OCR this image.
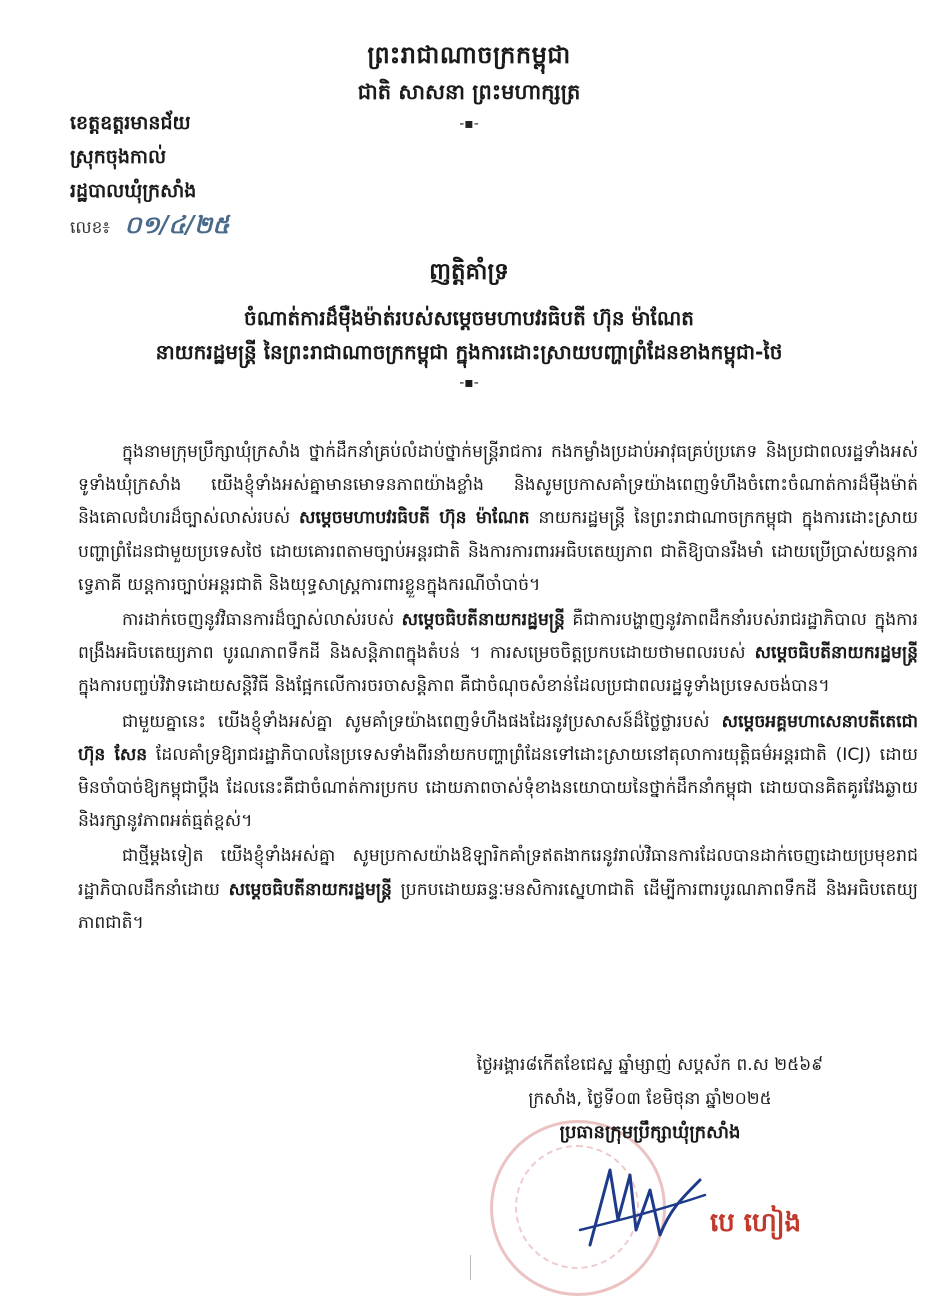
ព្រះរាជាណាចក្រកម្ពុជា
ជាតិ សាសនា ព្រះមហាក្សត្រ
-▪-
ខេត្តឧត្តរមានជ័យ
ស្រុកចុងកាល់
រដ្ឋបាលឃុំក្រសាំង
លេខ៖ ០១/៤/២៥
ញត្តិគាំទ្រ
ចំណាត់ការដ៏ម៉ឺងម៉ាត់របស់សម្តេចមហាបវរធិបតី ហ៊ុន ម៉ាណែត
នាយករដ្ឋមន្ត្រី នៃព្រះរាជាណាចក្រកម្ពុជា ក្នុងការដោះស្រាយបញ្ហាព្រំដែនខាងកម្ពុជា-ថៃ
-▪-

ក្នុងនាមក្រុមប្រឹក្សាឃុំក្រសាំង ថ្នាក់ដឹកនាំគ្រប់លំដាប់ថ្នាក់មន្ត្រីរាជការ កងកម្លាំងប្រដាប់អាវុធគ្រប់ប្រភេទ និងប្រជាពលរដ្ឋទាំងអស់ទូទាំងឃុំក្រសាំង យើងខ្ញុំទាំងអស់គ្នាមានមោទនភាពយ៉ាងខ្លាំង និងសូមប្រកាសគាំទ្រយ៉ាងពេញទំហឹងចំពោះចំណាត់ការដ៏ម៉ឺងម៉ាត់ និងគោលជំហរដ៏ច្បាស់លាស់របស់ សម្តេចមហាបវរធិបតី ហ៊ុន ម៉ាណែត នាយករដ្ឋមន្ត្រី នៃព្រះរាជាណាចក្រកម្ពុជា ក្នុងការដោះស្រាយបញ្ហាព្រំដែនជាមួយប្រទេសថៃ ដោយគោរពតាមច្បាប់អន្តរជាតិ និងការការពារអធិបតេយ្យភាព ជាតិឱ្យបានរឹងមាំ ដោយប្រើប្រាស់យន្តការទ្វេភាគី យន្តការច្បាប់អន្តរជាតិ និងយុទ្ធសាស្ត្រការពារខ្លួនក្នុងករណីចាំបាច់។

ការដាក់ចេញនូវវិធានការដ៏ច្បាស់លាស់របស់ សម្តេចធិបតីនាយករដ្ឋមន្ត្រី គឺជាការបង្ហាញនូវភាពដឹកនាំរបស់រាជរដ្ឋាភិបាល ក្នុងការពង្រឹងអធិបតេយ្យភាព បូរណភាពទឹកដី និងសន្តិភាពក្នុងតំបន់ ។ ការសម្រេចចិត្តប្រកបដោយថាមពលរបស់ សម្តេចធិបតីនាយករដ្ឋមន្ត្រី ក្នុងការបញ្ចប់វិវាទដោយសន្តិវិធី និងផ្អែកលើការចរចាសន្តិភាព គឺជាចំណុចសំខាន់ដែលប្រជាពលរដ្ឋទូទាំងប្រទេសចង់បាន។

ជាមួយគ្នានេះ យើងខ្ញុំទាំងអស់គ្នា សូមគាំទ្រយ៉ាងពេញទំហឹងផងដែរនូវប្រសាសន៍ដ៏ថ្លៃថ្លារបស់ សម្តេចអគ្គមហាសេនាបតីតេជោ ហ៊ុន សែន ដែលគាំទ្រឱ្យរាជរដ្ឋាភិបាលនៃប្រទេសទាំងពីរនាំយកបញ្ហាព្រំដែនទៅដោះស្រាយនៅតុលាការយុត្តិធម៌អន្តរជាតិ (ICJ) ដោយមិនចាំបាច់ឱ្យកម្ពុជាប្តឹង ដែលនេះគឺជាចំណាត់ការប្រកប ដោយភាពចាស់ទុំខាងនយោបាយនៃថ្នាក់ដឹកនាំកម្ពុជា ដោយបានគិតគូរវែងឆ្ងាយ និងរក្សានូវភាពអត់ធ្មត់ខ្ពស់។

ជាថ្មីម្តងទៀត យើងខ្ញុំទាំងអស់គ្នា សូមប្រកាសយ៉ាងឱឡារិកគាំទ្រឥតងាករេនូវរាល់វិធានការដែលបានដាក់ចេញដោយប្រមុខរាជរដ្ឋាភិបាលដឹកនាំដោយ សម្តេចធិបតីនាយករដ្ឋមន្ត្រី ប្រកបដោយឆន្ទៈមនសិការស្នេហាជាតិ ដើម្បីការពារបូរណភាពទឹកដី និងអធិបតេយ្យភាពជាតិ។

ថ្ងៃអង្គារ៨កើតខែជេស្ឋ ឆ្នាំម្សាញ់ សប្តស័ក ព.ស ២៥៦៩
ក្រសាំង, ថ្ងៃទី០៣ ខែមិថុនា ឆ្នាំ២០២៥
ប្រធានក្រុមប្រឹក្សាឃុំក្រសាំង
បេ ហៀង
